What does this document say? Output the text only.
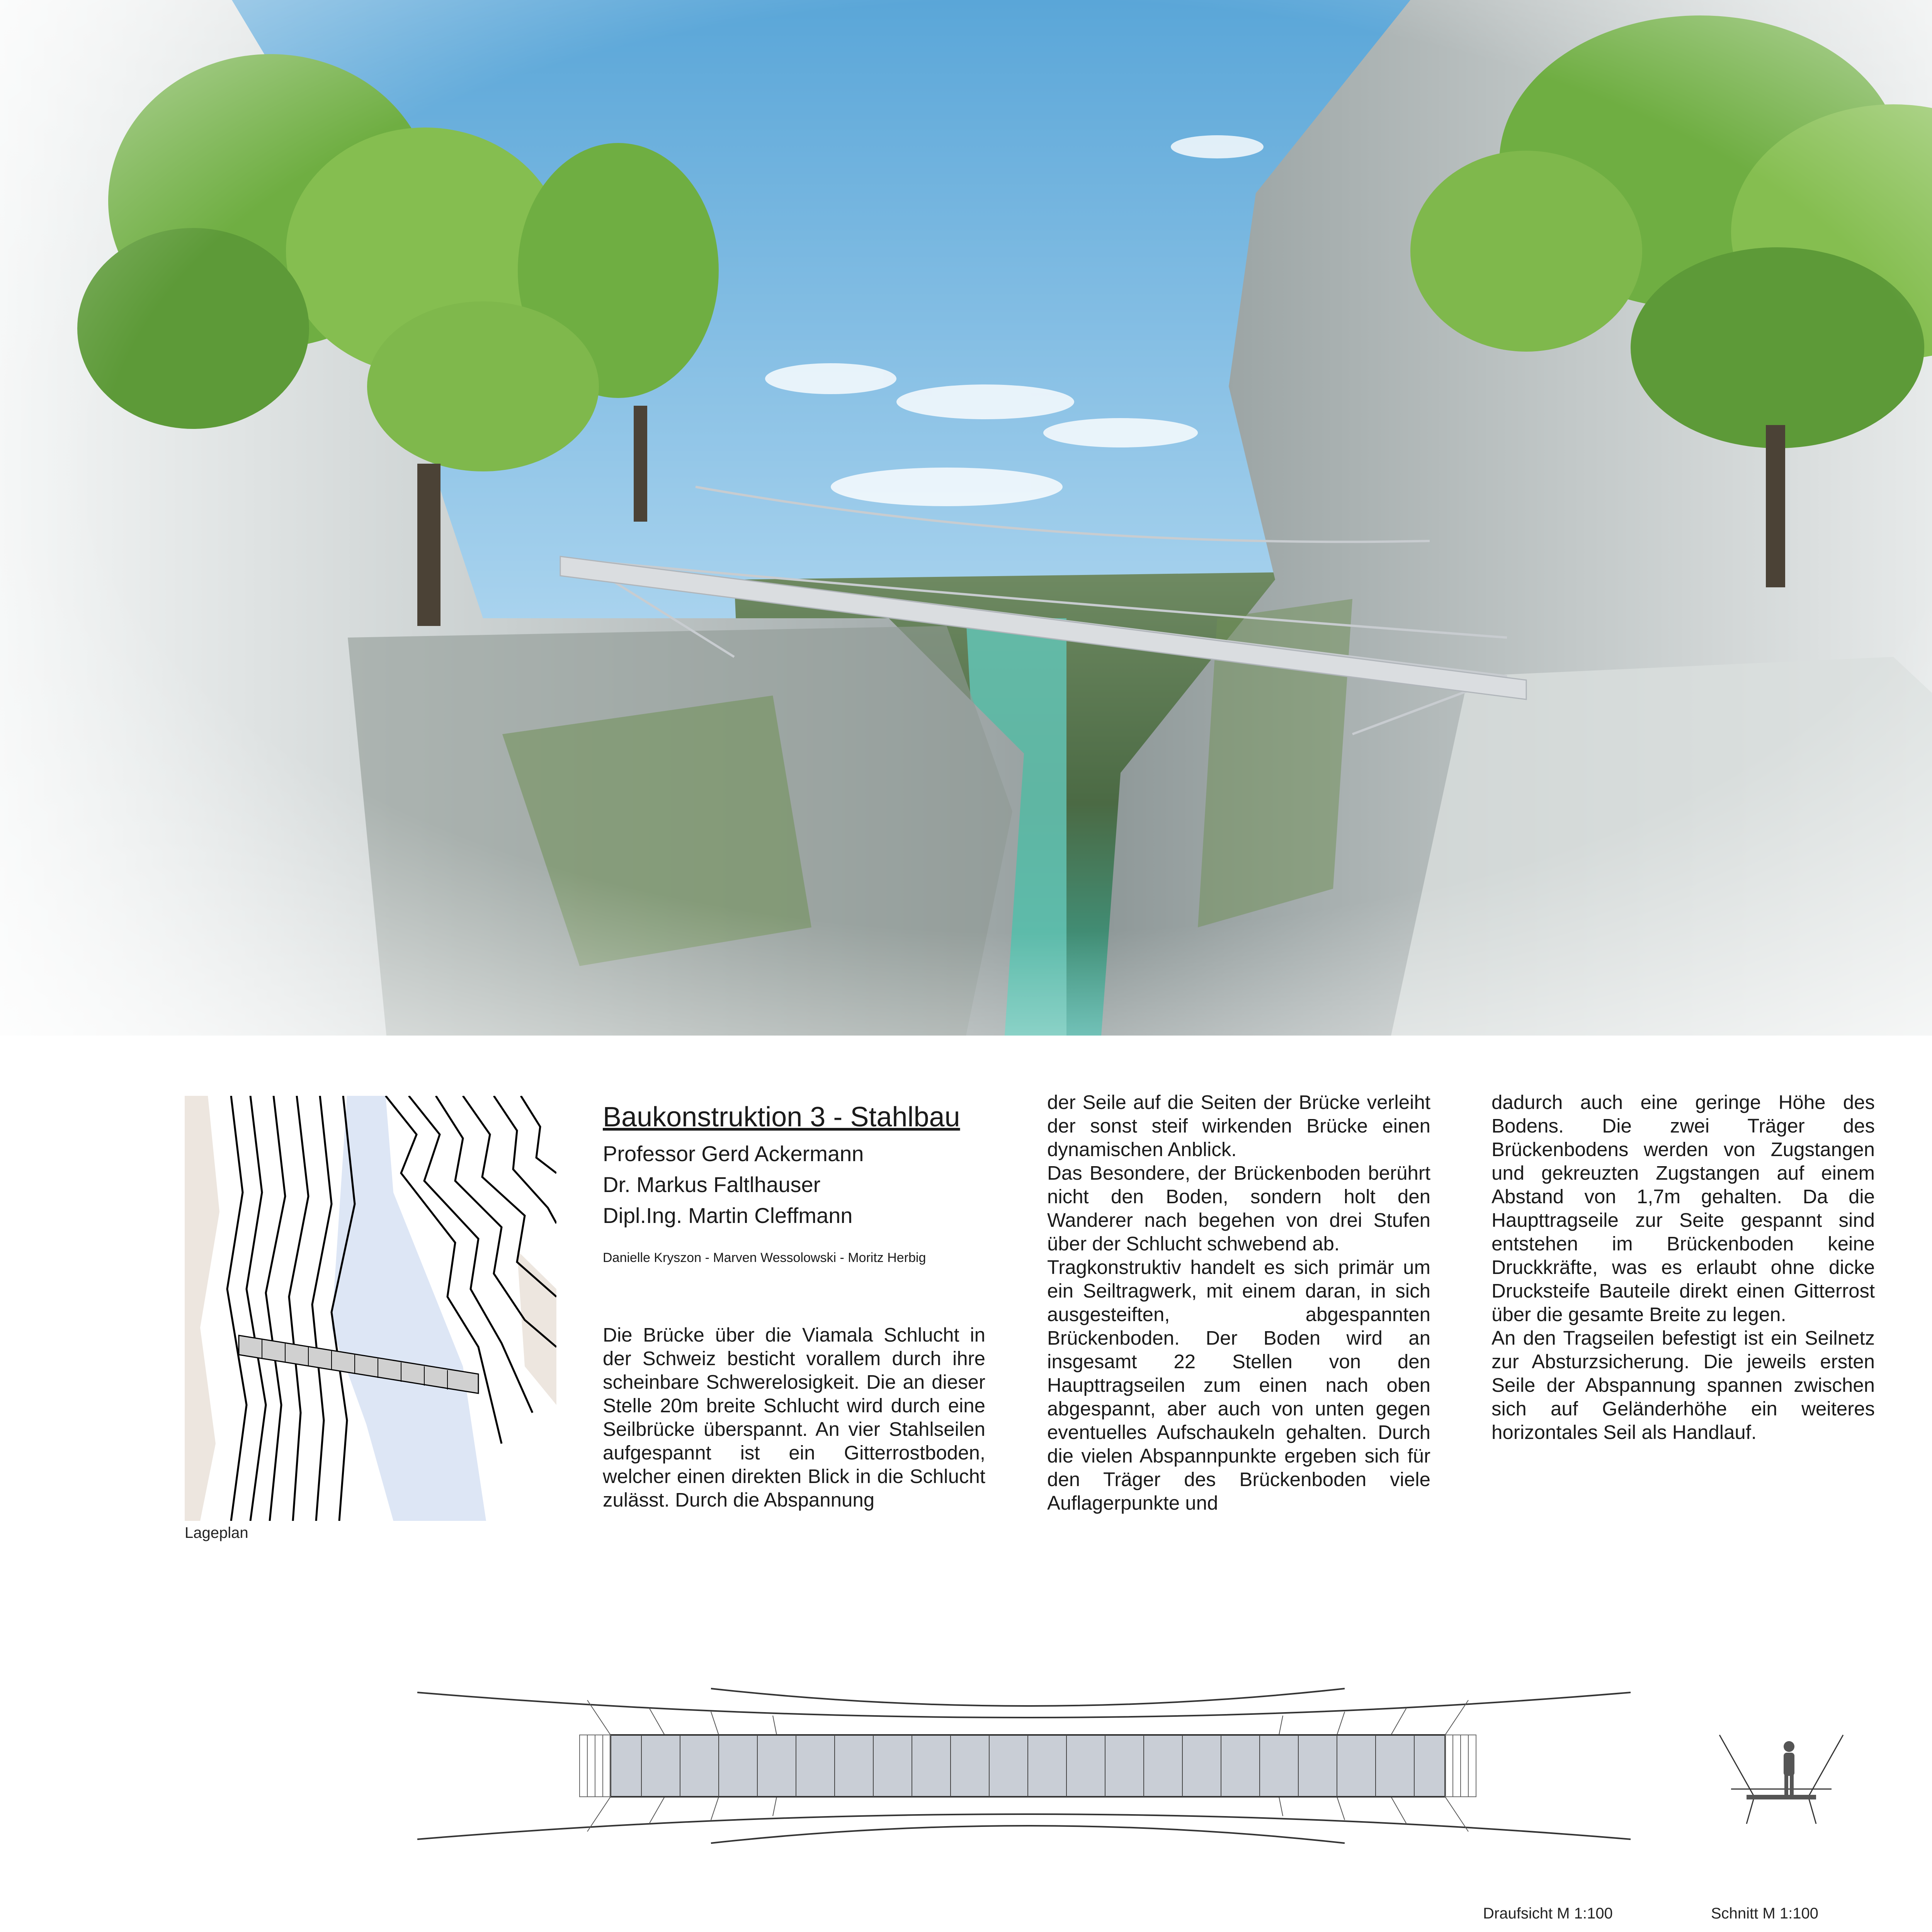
Lageplan
Baukonstruktion 3 - Stahlbau
Professor Gerd Ackermann
Dr. Markus Faltlhauser
Dipl.Ing. Martin Cleffmann
Danielle Kryszon - Marven Wessolowski - Moritz Herbig

Die Brücke über die Viamala Schlucht in der Schweiz besticht vorallem durch ihre scheinbare Schwerelosigkeit. Die an dieser Stelle 20m breite Schlucht wird durch eine Seilbrücke überspannt. An vier Stahlseilen aufgespannt ist ein Gitterrostboden, welcher einen direkten Blick in die Schlucht zulässt. Durch die Abspannung

der Seile auf die Seiten der Brücke verleiht der sonst steif wirkenden Brücke einen dynamischen Anblick.

Das Besondere, der Brückenboden berührt nicht den Boden, sondern holt den Wanderer nach begehen von drei Stufen über der Schlucht schwebend ab.

Tragkonstruktiv handelt es sich primär um ein Seiltragwerk, mit einem daran, in sich ausgesteiften, abgespannten Brückenboden. Der Boden wird an insgesamt 22 Stellen von den Haupttragseilen zum einen nach oben abgespannt, aber auch von unten gegen eventuelles Aufschaukeln gehalten. Durch die vielen Abspannpunkte ergeben sich für den Träger des Brückenboden viele Auflagerpunkte und

dadurch auch eine geringe Höhe des Bodens. Die zwei Träger des Brückenbodens werden von Zugstangen und gekreuzten Zugstangen auf einem Abstand von 1,7m gehalten. Da die Haupttragseile zur Seite gespannt sind entstehen im Brückenboden keine Druckkräfte, was es erlaubt ohne dicke Drucksteife Bauteile direkt einen Gitterrost über die gesamte Breite zu legen.

An den Tragseilen befestigt ist ein Seilnetz zur Absturzsicherung. Die jeweils ersten Seile der Abspannung spannen zwischen sich auf Geländerhöhe ein weiteres horizontales Seil als Handlauf.

Draufsicht M 1:100	Schnitt M 1:100
